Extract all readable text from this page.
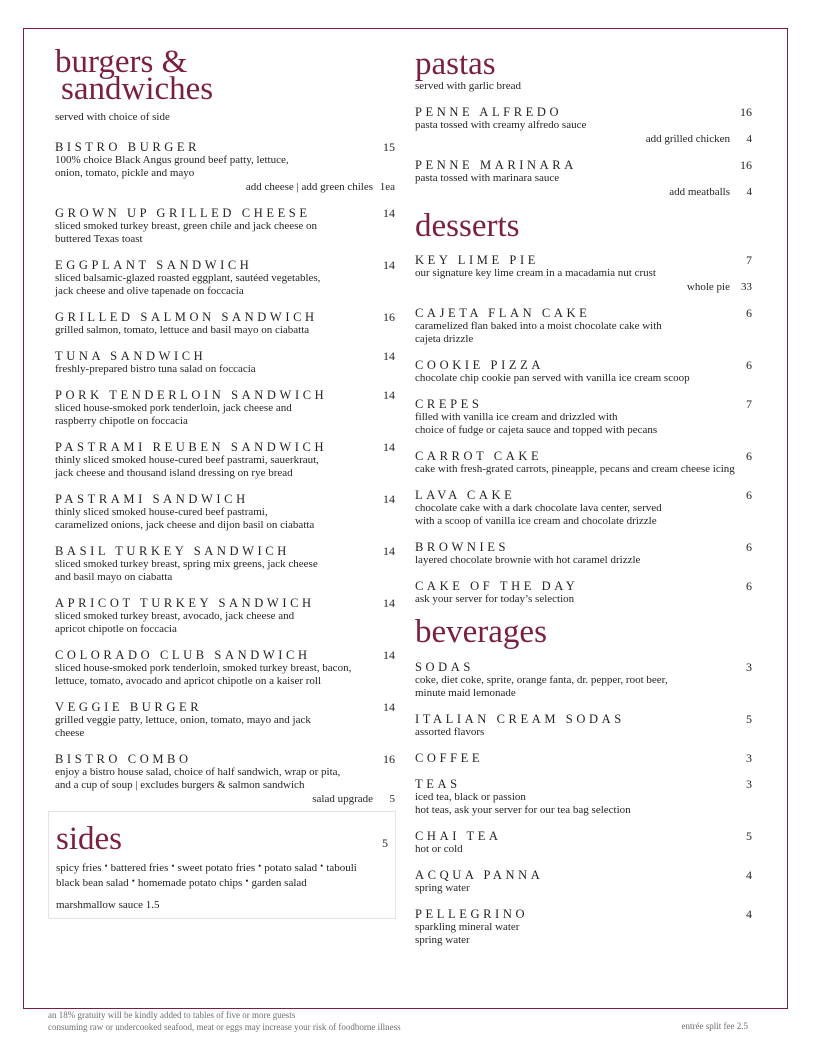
burgers &
sandwiches

served with choice of side

BISTRO BURGER	15
100% choice Black Angus ground beef patty, lettuce,
onion, tomato, pickle and mayo
add cheese | add green chiles 1ea
GROWN UP GRILLED CHEESE	14
sliced smoked turkey breast, green chile and jack cheese on
buttered Texas toast
EGGPLANT SANDWICH	14
sliced balsamic-glazed roasted eggplant, sautéed vegetables,
jack cheese and olive tapenade on foccacia
GRILLED SALMON SANDWICH	16
grilled salmon, tomato, lettuce and basil mayo on ciabatta
TUNA SANDWICH	14
freshly-prepared bistro tuna salad on foccacia
PORK TENDERLOIN SANDWICH	14
sliced house-smoked pork tenderloin, jack cheese and
raspberry chipotle on foccacia
PASTRAMI REUBEN SANDWICH	14
thinly sliced smoked house-cured beef pastrami, sauerkraut,
jack cheese and thousand island dressing on rye bread
PASTRAMI SANDWICH	14
thinly sliced smoked house-cured beef pastrami,
caramelized onions, jack cheese and dijon basil on ciabatta
BASIL TURKEY SANDWICH	14
sliced smoked turkey breast, spring mix greens, jack cheese
and basil mayo on ciabatta
APRICOT TURKEY SANDWICH	14
sliced smoked turkey breast, avocado, jack cheese and
apricot chipotle on foccacia
COLORADO CLUB SANDWICH	14
sliced house-smoked pork tenderloin, smoked turkey breast, bacon,
lettuce, tomato, avocado and apricot chipotle on a kaiser roll
VEGGIE BURGER	14
grilled veggie patty, lettuce, onion, tomato, mayo and jack
cheese
BISTRO COMBO	16
enjoy a bistro house salad, choice of half sandwich, wrap or pita,
and a cup of soup | excludes burgers & salmon sandwich
salad upgrade 5
sides	5
spicy fries • battered fries • sweet potato fries • potato salad • tabouli
black bean salad • homemade potato chips • garden salad
marshmallow sauce 1.5
pastas

served with garlic bread

PENNE ALFREDO	16
pasta tossed with creamy alfredo sauce
add grilled chicken 4
PENNE MARINARA	16
pasta tossed with marinara sauce
add meatballs 4
desserts
KEY LIME PIE	7
our signature key lime cream in a macadamia nut crust
whole pie 33
CAJETA FLAN CAKE	6
caramelized flan baked into a moist chocolate cake with
cajeta drizzle
COOKIE PIZZA	6
chocolate chip cookie pan served with vanilla ice cream scoop
CREPES	7
filled with vanilla ice cream and drizzled with
choice of fudge or cajeta sauce and topped with pecans
CARROT CAKE	6
cake with fresh-grated carrots, pineapple, pecans and cream cheese icing
LAVA CAKE	6
chocolate cake with a dark chocolate lava center, served
with a scoop of vanilla ice cream and chocolate drizzle
BROWNIES	6
layered chocolate brownie with hot caramel drizzle
CAKE OF THE DAY	6
ask your server for today’s selection
beverages
SODAS	3
coke, diet coke, sprite, orange fanta, dr. pepper, root beer,
minute maid lemonade
ITALIAN CREAM SODAS	5
assorted flavors
COFFEE	3
TEAS	3
iced tea, black or passion
hot teas, ask your server for our tea bag selection
CHAI TEA	5
hot or cold
ACQUA PANNA	4
spring water
PELLEGRINO	4
sparkling mineral water
spring water
an 18% gratuity will be kindly added to tables of five or more guests
consuming raw or undercooked seafood, meat or eggs may increase your risk of foodborne illness	entrée split fee 2.5
